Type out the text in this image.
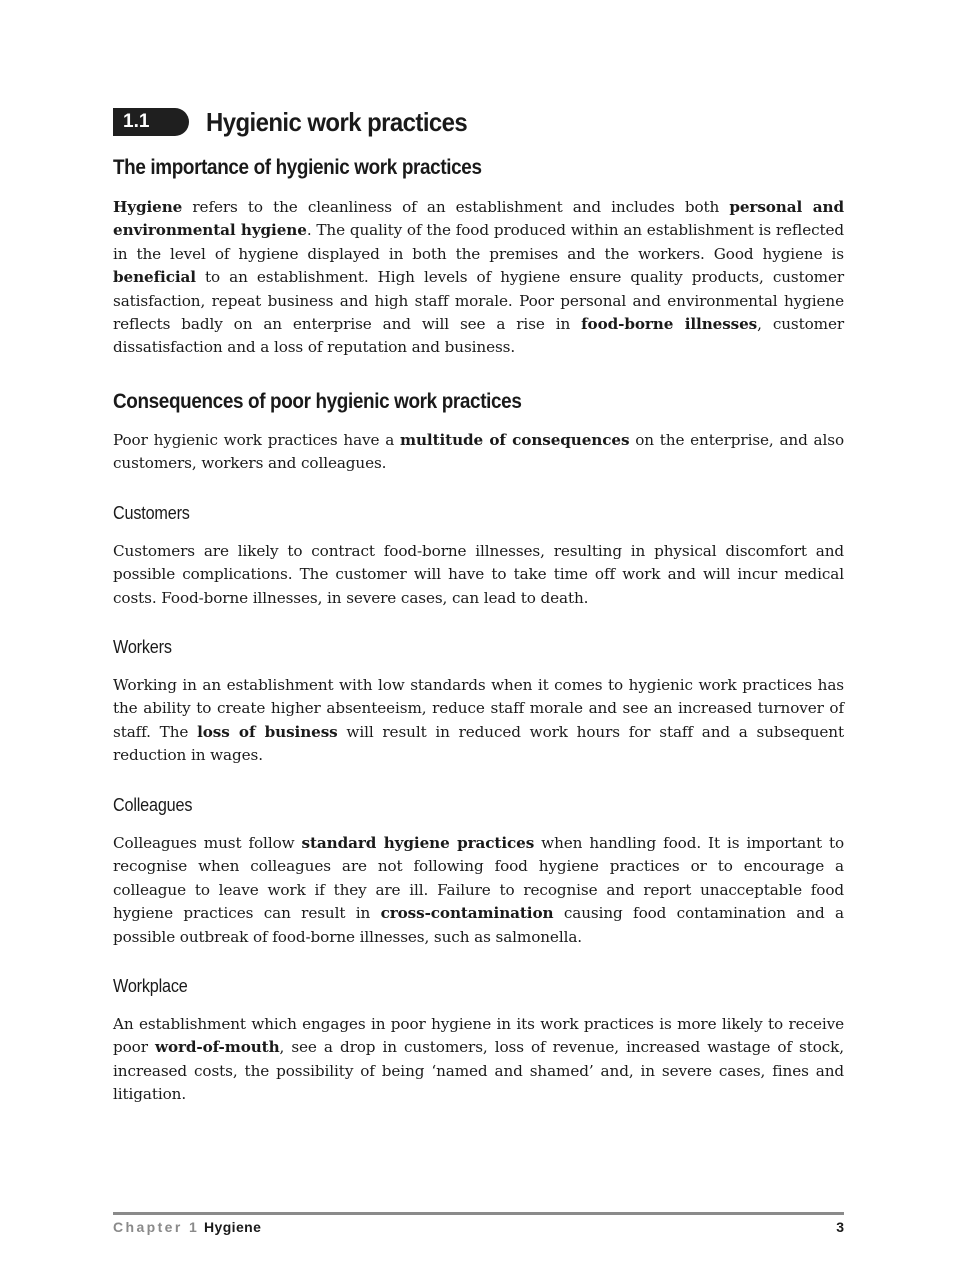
1.1	Hygienic work practices
The importance of hygienic work practices
Hygiene refers to the cleanliness of an establishment and includes both personal and environmental hygiene. The quality of the food produced within an establishment is reflected in the level of hygiene displayed in both the premises and the workers. Good hygiene is beneficial to an establishment. High levels of hygiene ensure quality products, customer satisfaction, repeat business and high staff morale. Poor personal and environmental hygiene reflects badly on an enterprise and will see a rise in food-borne illnesses, customer dissatisfaction and a loss of reputation and business.
Consequences of poor hygienic work practices
Poor hygienic work practices have a multitude of consequences on the enterprise, and also customers, workers and colleagues.
Customers
Customers are likely to contract food-borne illnesses, resulting in physical discomfort and possible complications. The customer will have to take time off work and will incur medical costs. Food-borne illnesses, in severe cases, can lead to death.
Workers
Working in an establishment with low standards when it comes to hygienic work practices has the ability to create higher absenteeism, reduce staff morale and see an increased turnover of staff. The loss of business will result in reduced work hours for staff and a subsequent reduction in wages.
Colleagues
Colleagues must follow standard hygiene practices when handling food. It is important to recognise when colleagues are not following food hygiene practices or to encourage a colleague to leave work if they are ill. Failure to recognise and report unacceptable food hygiene practices can result in cross-contamination causing food contamination and a possible outbreak of food-borne illnesses, such as salmonella.
Workplace
An establishment which engages in poor hygiene in its work practices is more likely to receive poor word-of-mouth, see a drop in customers, loss of revenue, increased wastage of stock, increased costs, the possibility of being ‘named and shamed’ and, in severe cases, fines and litigation.
Chapter 1 Hygiene	3
